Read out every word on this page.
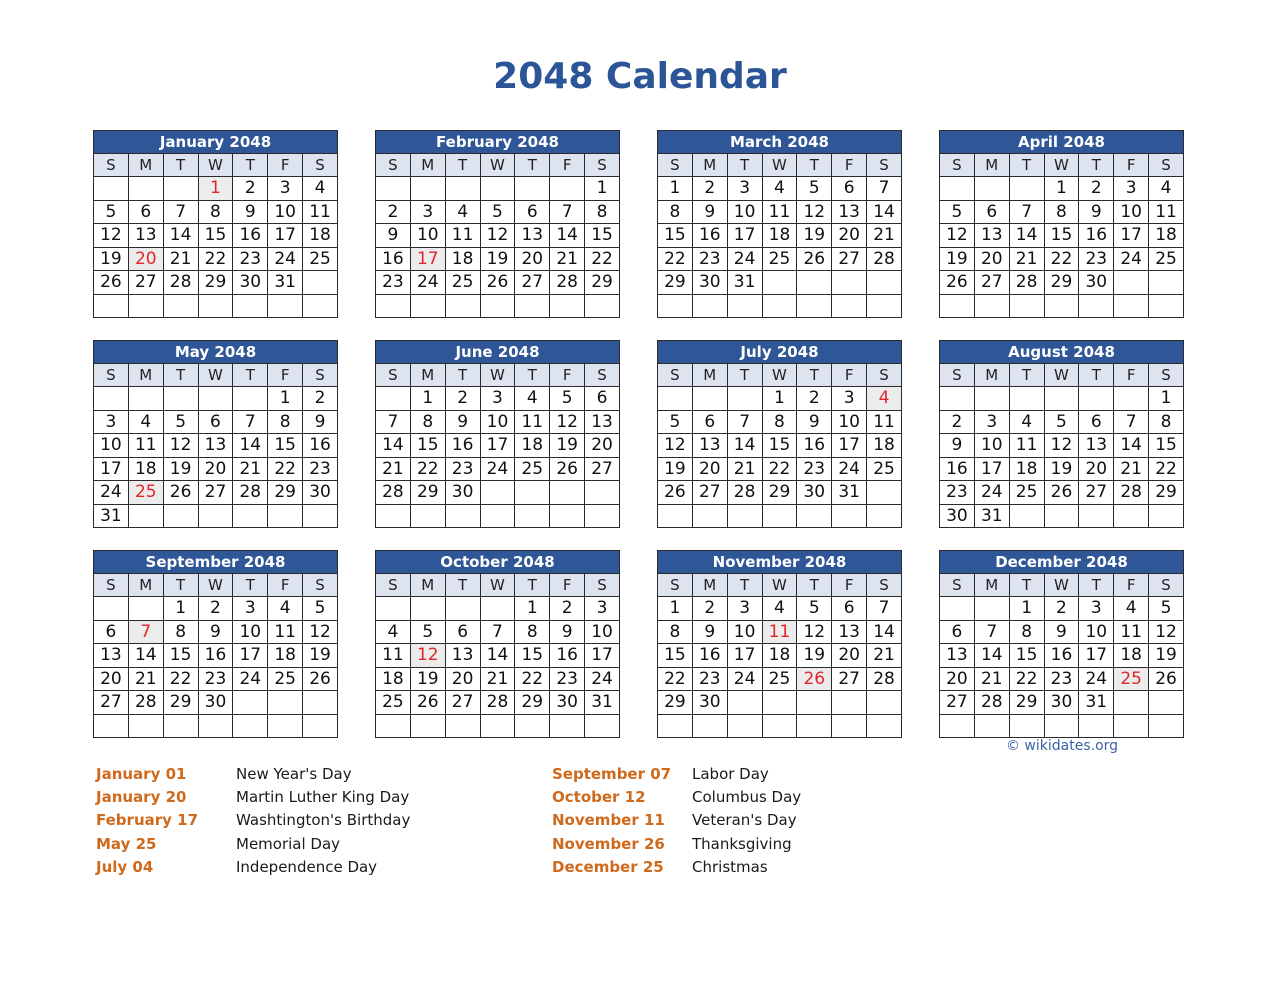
2048 Calendar
January 2048						
S	M	T	W	T	F	S
			1	2	3	4
5	6	7	8	9	10	11
12	13	14	15	16	17	18
19	20	21	22	23	24	25
26	27	28	29	30	31	

February 2048						
S	M	T	W	T	F	S
						1
2	3	4	5	6	7	8
9	10	11	12	13	14	15
16	17	18	19	20	21	22
23	24	25	26	27	28	29

March 2048						
S	M	T	W	T	F	S
1	2	3	4	5	6	7
8	9	10	11	12	13	14
15	16	17	18	19	20	21
22	23	24	25	26	27	28
29	30	31				

April 2048						
S	M	T	W	T	F	S
			1	2	3	4
5	6	7	8	9	10	11
12	13	14	15	16	17	18
19	20	21	22	23	24	25
26	27	28	29	30		

May 2048						
S	M	T	W	T	F	S
					1	2
3	4	5	6	7	8	9
10	11	12	13	14	15	16
17	18	19	20	21	22	23
24	25	26	27	28	29	30
31						
June 2048						
S	M	T	W	T	F	S
	1	2	3	4	5	6
7	8	9	10	11	12	13
14	15	16	17	18	19	20
21	22	23	24	25	26	27
28	29	30				

July 2048						
S	M	T	W	T	F	S
			1	2	3	4
5	6	7	8	9	10	11
12	13	14	15	16	17	18
19	20	21	22	23	24	25
26	27	28	29	30	31	

August 2048						
S	M	T	W	T	F	S
						1
2	3	4	5	6	7	8
9	10	11	12	13	14	15
16	17	18	19	20	21	22
23	24	25	26	27	28	29
30	31					
September 2048						
S	M	T	W	T	F	S
		1	2	3	4	5
6	7	8	9	10	11	12
13	14	15	16	17	18	19
20	21	22	23	24	25	26
27	28	29	30			

October 2048						
S	M	T	W	T	F	S
				1	2	3
4	5	6	7	8	9	10
11	12	13	14	15	16	17
18	19	20	21	22	23	24
25	26	27	28	29	30	31

November 2048						
S	M	T	W	T	F	S
1	2	3	4	5	6	7
8	9	10	11	12	13	14
15	16	17	18	19	20	21
22	23	24	25	26	27	28
29	30					

December 2048						
S	M	T	W	T	F	S
		1	2	3	4	5
6	7	8	9	10	11	12
13	14	15	16	17	18	19
20	21	22	23	24	25	26
27	28	29	30	31		

January 01	New Year's Day
January 20	Martin Luther King Day
February 17	Washtington's Birthday
May 25	Memorial Day
July 04	Independence Day
September 07	Labor Day
October 12	Columbus Day
November 11	Veteran's Day
November 26	Thanksgiving
December 25	Christmas
© wikidates.org
